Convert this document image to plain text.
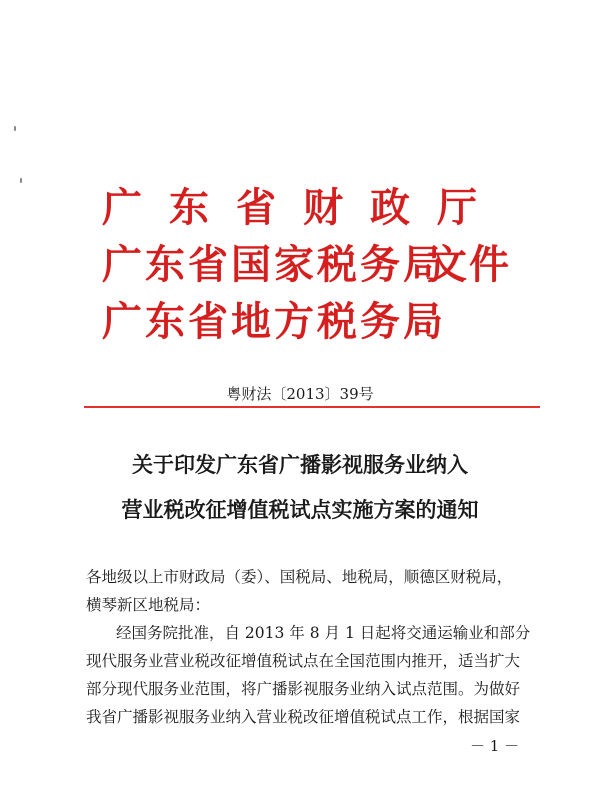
广东省财政厅
广东省国家税务局
广东省地方税务局
文件
粤财法〔2013〕39号
关于印发广东省广播影视服务业纳入
营业税改征增值税试点实施方案的通知
各地级以上市财政局（委）、国税局、地税局，顺德区财税局，
横琴新区地税局：
经国务院批准，自 2013 年 8 月 1 日起将交通运输业和部分
现代服务业营业税改征增值税试点在全国范围内推开，适当扩大
部分现代服务业范围，将广播影视服务业纳入试点范围。为做好
我省广播影视服务业纳入营业税改征增值税试点工作，根据国家
－ 1 －
